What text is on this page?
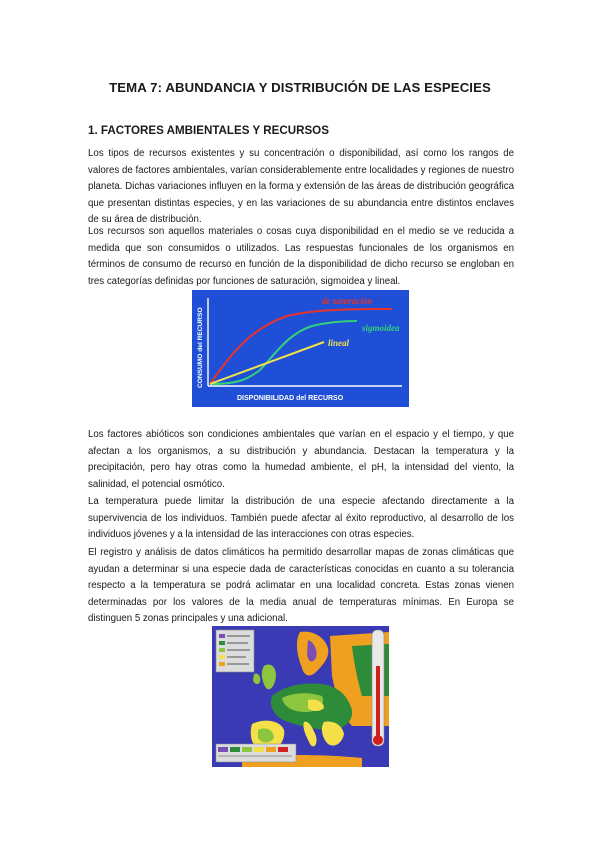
TEMA 7: ABUNDANCIA Y DISTRIBUCIÓN DE LAS ESPECIES
1. FACTORES AMBIENTALES Y RECURSOS

Los tipos de recursos existentes y su concentración o disponibilidad, así como los rangos de valores de factores ambientales, varían considerablemente entre localidades y regiones de nuestro planeta. Dichas variaciones influyen en la forma y extensión de las áreas de distribución geográfica que presentan distintas especies, y en las variaciones de su abundancia entre distintos enclaves de su área de distribución.

Los recursos son aquellos materiales o cosas cuya disponibilidad en el medio se ve reducida a medida que son consumidos o utilizados. Las respuestas funcionales de los organismos en términos de consumo de recurso en función de la disponibilidad de dicho recurso se engloban en tres categorías definidas por funciones de saturación, sigmoidea y lineal.

CONSUMO del RECURSO
DISPONIBILIDAD del RECURSO
de saturación
sigmoidea
lineal

Los factores abióticos son condiciones ambientales que varían en el espacio y el tiempo, y que afectan a los organismos, a su distribución y abundancia. Destacan la temperatura y la precipitación, pero hay otras como la humedad ambiente, el pH, la intensidad del viento, la salinidad, el potencial osmótico.

La temperatura puede limitar la distribución de una especie afectando directamente a la supervivencia de los individuos. También puede afectar al éxito reproductivo, al desarrollo de los individuos jóvenes y a la intensidad de las interacciones con otras especies.

El registro y análisis de datos climáticos ha permitido desarrollar mapas de zonas climáticas que ayudan a determinar si una especie dada de características conocidas en cuanto a su tolerancia respecto a la temperatura se podrá aclimatar en una localidad concreta. Estas zonas vienen determinadas por los valores de la media anual de temperaturas mínimas. En Europa se distinguen 5 zonas principales y una adicional.
